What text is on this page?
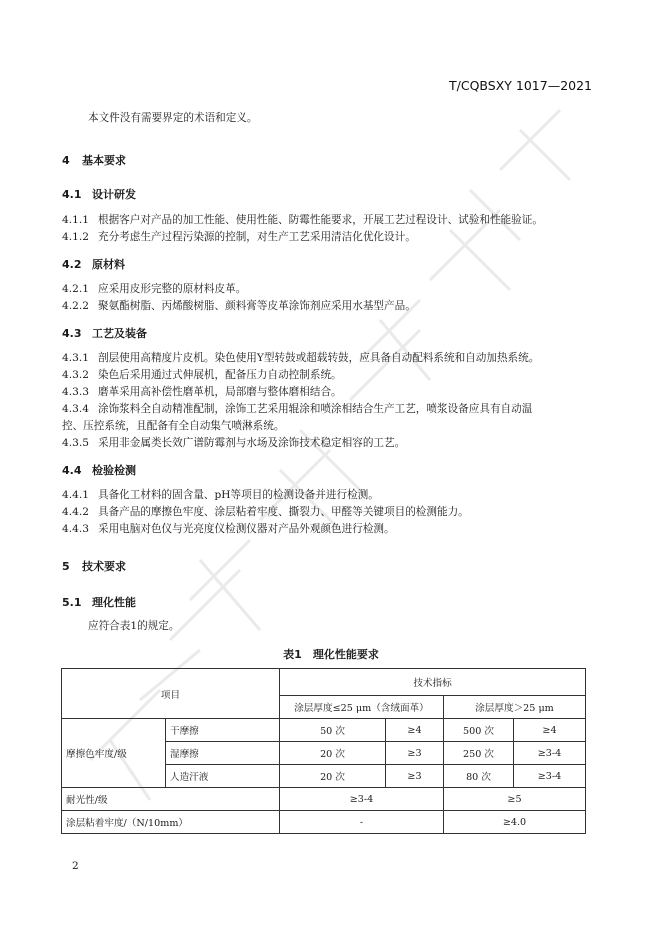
T/CQBSXY 1017—2021
本文件没有需要界定的术语和定义。
4 基本要求
4.1 设计研发
4.1.1 根据客户对产品的加工性能、使用性能、防霉性能要求，开展工艺过程设计、试验和性能验证。
4.1.2 充分考虑生产过程污染源的控制，对生产工艺采用清洁化优化设计。
4.2 原材料
4.2.1 应采用皮形完整的原材料皮革。
4.2.2 聚氨酯树脂、丙烯酸树脂、颜料膏等皮革涂饰剂应采用水基型产品。
4.3 工艺及装备
4.3.1 剖层使用高精度片皮机。染色使用Y型转鼓或超载转鼓，应具备自动配料系统和自动加热系统。
4.3.2 染色后采用通过式伸展机，配备压力自动控制系统。
4.3.3 磨革采用高补偿性磨革机，局部磨与整体磨相结合。
4.3.4 涂饰浆料全自动精准配制，涂饰工艺采用辊涂和喷涂相结合生产工艺，喷浆设备应具有自动温
控、压控系统，且配备有全自动集气喷淋系统。
4.3.5 采用非金属类长效广谱防霉剂与水场及涂饰技术稳定相容的工艺。
4.4 检验检测
4.4.1 具备化工材料的固含量、pH等项目的检测设备并进行检测。
4.4.2 具备产品的摩擦色牢度、涂层粘着牢度、撕裂力、甲醛等关键项目的检测能力。
4.4.3 采用电脑对色仪与光亮度仪检测仪器对产品外观颜色进行检测。
5 技术要求
5.1 理化性能
应符合表1的规定。
表1　理化性能要求
项目		技术指标			
		涂层厚度≤25 μm（含绒面革）		涂层厚度＞25 μm	
摩擦色牢度/级	干摩擦	50 次	≥4	500 次	≥4
	湿摩擦	20 次	≥3	250 次	≥3-4
	人造汗液	20 次	≥3	80 次	≥3-4
耐光性/级		≥3-4		≥5	
涂层粘着牢度/（N/10mm）		-		≥4.0	
2
